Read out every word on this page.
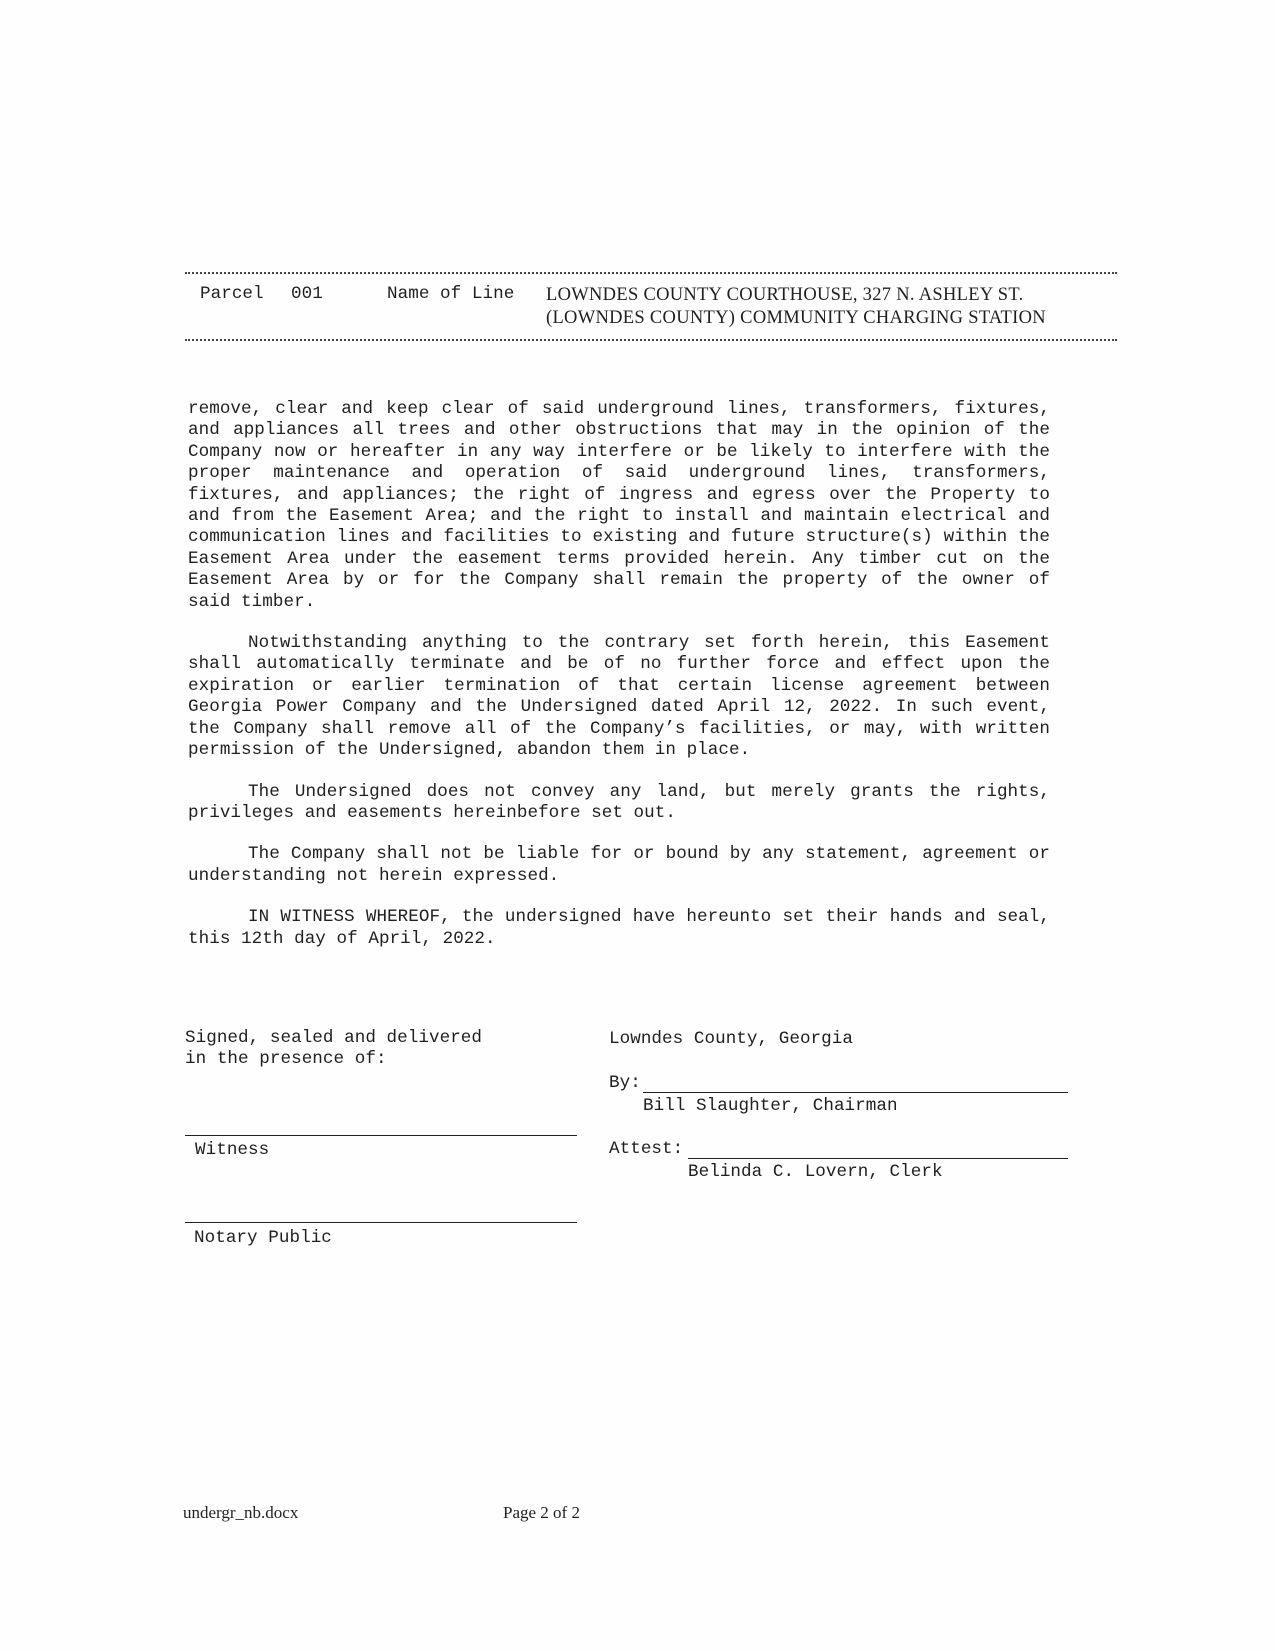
Parcel 001	Name of Line LOWNDES COUNTY COURTHOUSE, 327 N. ASHLEY ST.
(LOWNDES COUNTY) COMMUNITY CHARGING STATION

remove, clear and keep clear of said underground lines, transformers, fixtures, and appliances all trees and other obstructions that may in the opinion of the Company now or hereafter in any way interfere or be likely to interfere with the proper maintenance and operation of said underground lines, transformers, fixtures, and appliances; the right of ingress and egress over the Property to and from the Easement Area; and the right to install and maintain electrical and communication lines and facilities to existing and future structure(s) within the Easement Area under the easement terms provided herein. Any timber cut on the Easement Area by or for the Company shall remain the property of the owner of said timber.

Notwithstanding anything to the contrary set forth herein, this Easement shall automatically terminate and be of no further force and effect upon the expiration or earlier termination of that certain license agreement between Georgia Power Company and the Undersigned dated April 12, 2022. In such event, the Company shall remove all of the Company’s facilities, or may, with written permission of the Undersigned, abandon them in place.

The Undersigned does not convey any land, but merely grants the rights, privileges and easements hereinbefore set out.

The Company shall not be liable for or bound by any statement, agreement or understanding not herein expressed.

IN WITNESS WHEREOF, the undersigned have hereunto set their hands and seal, this 12th day of April, 2022.

Signed, sealed and delivered
in the presence of:
Witness
Notary Public
Lowndes County, Georgia
By:
Bill Slaughter, Chairman
Attest:
Belinda C. Lovern, Clerk
undergr_nb.docx	Page 2 of 2
